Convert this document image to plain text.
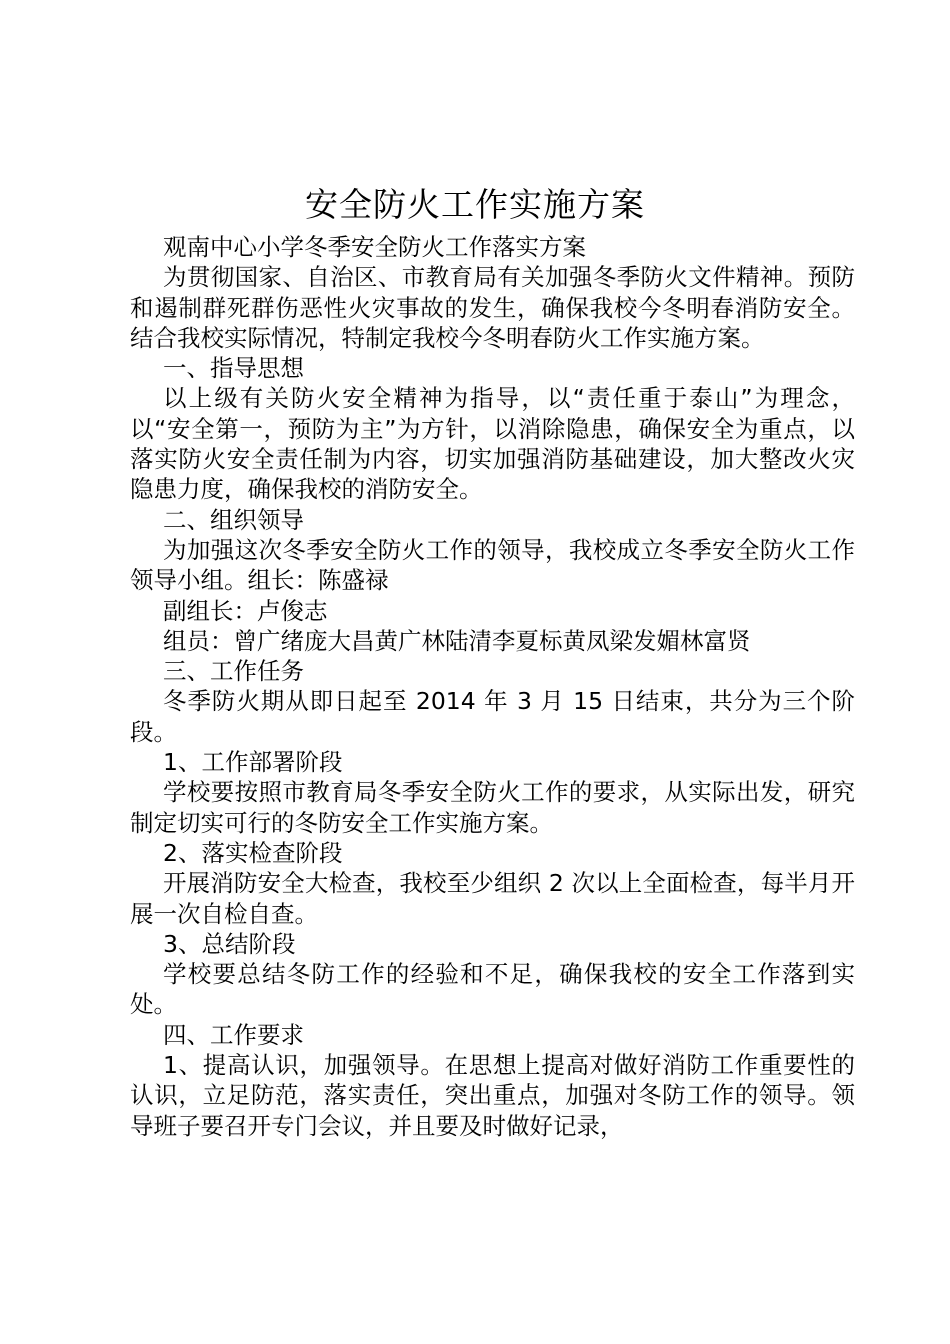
安全防火工作实施方案

观南中心小学冬季安全防火工作落实方案

为贯彻国家、自治区、市教育局有关加强冬季防火文件精神。预防和遏制群死群伤恶性火灾事故的发生，确保我校今冬明春消防安全。结合我校实际情况，特制定我校今冬明春防火工作实施方案。

一、指导思想

以上级有关防火安全精神为指导，以“责任重于泰山”为理念，以“安全第一，预防为主”为方针，以消除隐患，确保安全为重点，以落实防火安全责任制为内容，切实加强消防基础建设，加大整改火灾隐患力度，确保我校的消防安全。

二、组织领导

为加强这次冬季安全防火工作的领导，我校成立冬季安全防火工作领导小组。组长：陈盛禄

副组长：卢俊志

组员：曾广绪庞大昌黄广林陆清李夏标黄凤梁发媚林富贤

三、工作任务

冬季防火期从即日起至 2014 年 3 月 15 日结束，共分为三个阶段。

1、工作部署阶段

学校要按照市教育局冬季安全防火工作的要求，从实际出发，研究制定切实可行的冬防安全工作实施方案。

2、落实检查阶段

开展消防安全大检查，我校至少组织 2 次以上全面检查，每半月开展一次自检自查。

3、总结阶段

学校要总结冬防工作的经验和不足，确保我校的安全工作落到实处。

四、工作要求

1、提高认识，加强领导。在思想上提高对做好消防工作重要性的认识，立足防范，落实责任，突出重点，加强对冬防工作的领导。领导班子要召开专门会议，并且要及时做好记录，
